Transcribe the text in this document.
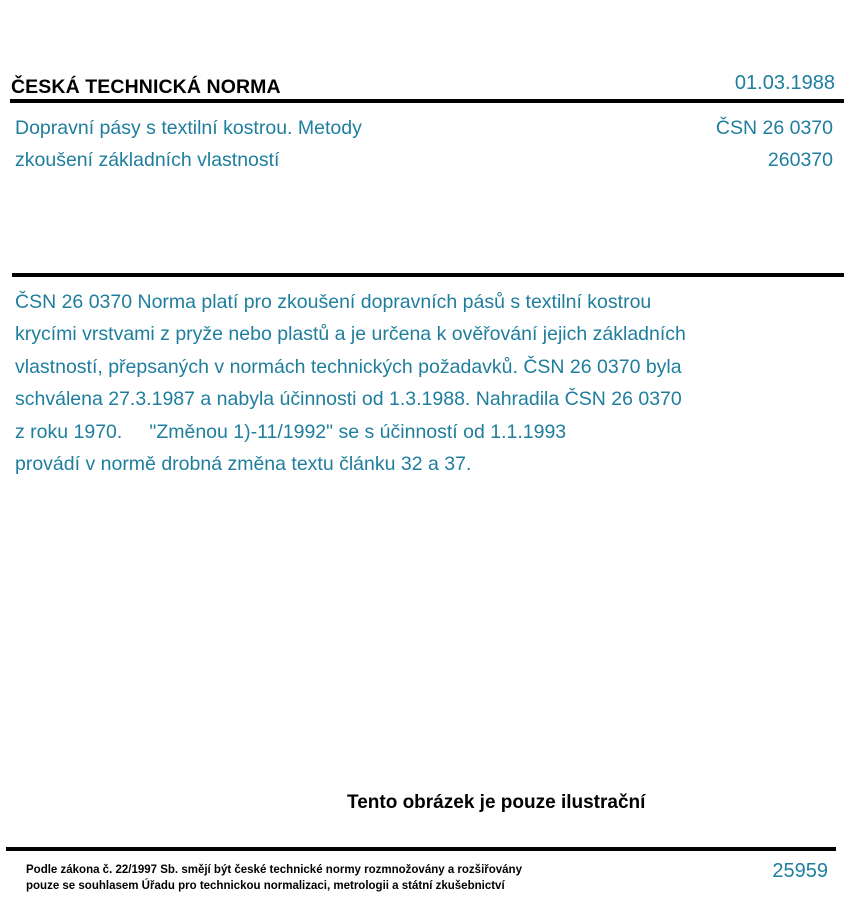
ČESKÁ TECHNICKÁ NORMA	01.03.1988
Dopravní pásy s textilní kostrou. Metody
zkoušení základních vlastností
ČSN 26 0370
260370
ČSN 26 0370 Norma platí pro zkoušení dopravních pásů s textilní kostrou
krycími vrstvami z pryže nebo plastů a je určena k ověřování jejich základních
vlastností, přepsaných v normách technických požadavků. ČSN 26 0370 byla
schválena 27.3.1987 a nabyla účinnosti od 1.3.1988. Nahradila ČSN 26 0370
z roku 1970.     "Změnou 1)-11/1992" se s účinností od 1.1.1993
provádí v normě drobná změna textu článku 32 a 37.
Tento obrázek je pouze ilustrační
Podle zákona č. 22/1997 Sb. smějí být české technické normy rozmnožovány a rozšiřovány
pouze se souhlasem Úřadu pro technickou normalizaci, metrologii a státní zkušebnictví
25959
